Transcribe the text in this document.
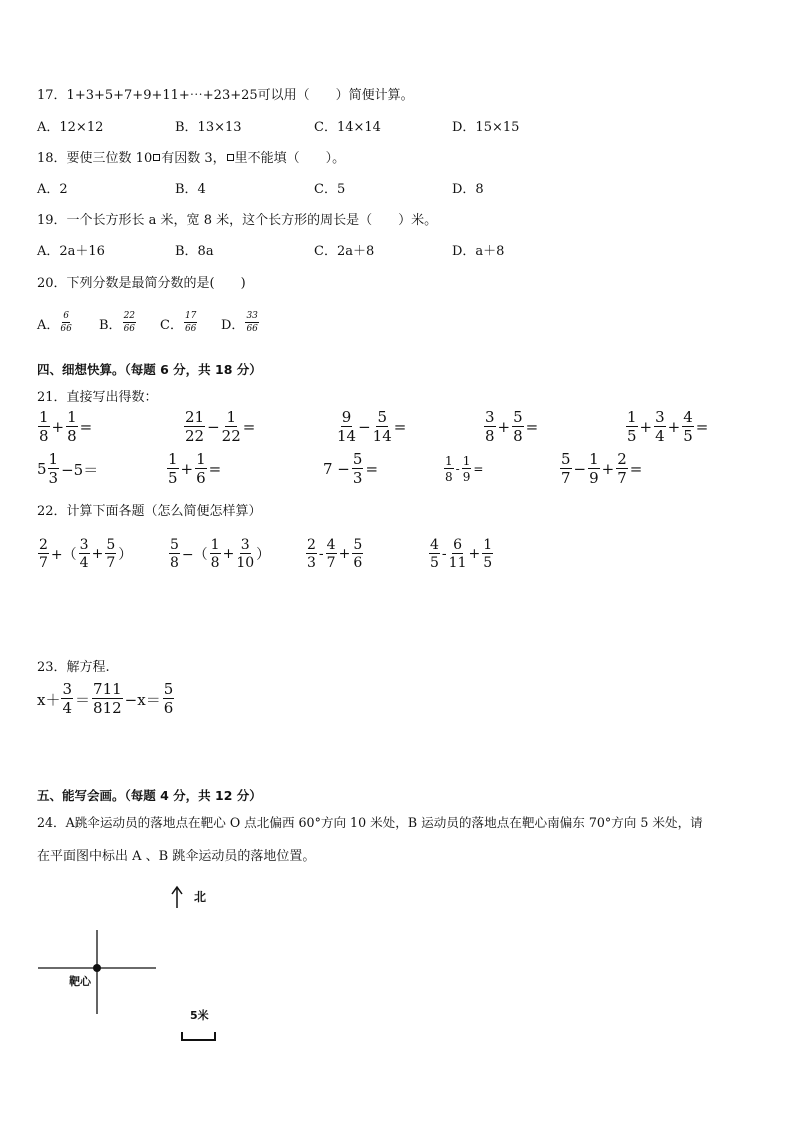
17．1+3+5+7+9+11+⋯+23+25可以用（　　）简便计算。
A．12×12	B．13×13	C．14×14	D．15×15
18．要使三位数 10 有因数 3， 里不能填（　　）。
A．2	B．4	C．5	D．8
19．一个长方形长 a 米，宽 8 米，这个长方形的周长是（　　）米。
A．2a＋16	B．8a	C．2a＋8	D．a＋8
20．下列分数是最简分数的是(　　)
A． $\frac{6}{66}$ B． $\frac{22}{66}$ C． $\frac{17}{66}$ D． $\frac{33}{66}$
四、细想快算。（每题 6 分，共 18 分）
21．直接写出得数：
$\frac{1}{8} + \frac{1}{8}$ =	$\frac{21}{22} - \frac{1}{22}$ =	$\frac{9}{14} - \frac{5}{14}$ =	$\frac{3}{8} + \frac{5}{8}$ =	$\frac{1}{5} + \frac{3}{4} + \frac{4}{5}$ =
$5 \frac{1}{3} -5=$	$\frac{1}{5} + \frac{1}{6}$ =	$7 - \frac{5}{3}$ =	$\frac{1}{8} - \frac{1}{9}$ =	$\frac{5}{7} - \frac{1}{9} + \frac{2}{7}$ =
22．计算下面各题（怎么简便怎样算）
$\frac{2}{7}$ +（ $\frac{3}{4} + \frac{5}{7}$ ）	$\frac{5}{8}$ −（ $\frac{1}{8} + \frac{3}{10}$ ）	$\frac{2}{3} - \frac{4}{7} + \frac{5}{6}$	$\frac{4}{5} - \frac{6}{11} + \frac{1}{5}$
23．解方程.
$x+ \frac{3}{4} = \frac{711}{812} -x= \frac{5}{6}$
五、能写会画。（每题 4 分，共 12 分）
24．A跳伞运动员的落地点在靶心 O 点北偏西 60°方向 10 米处，B 运动员的落地点在靶心南偏东 70°方向 5 米处，请
在平面图中标出 A 、B 跳伞运动员的落地位置。
北
靶心
5米
